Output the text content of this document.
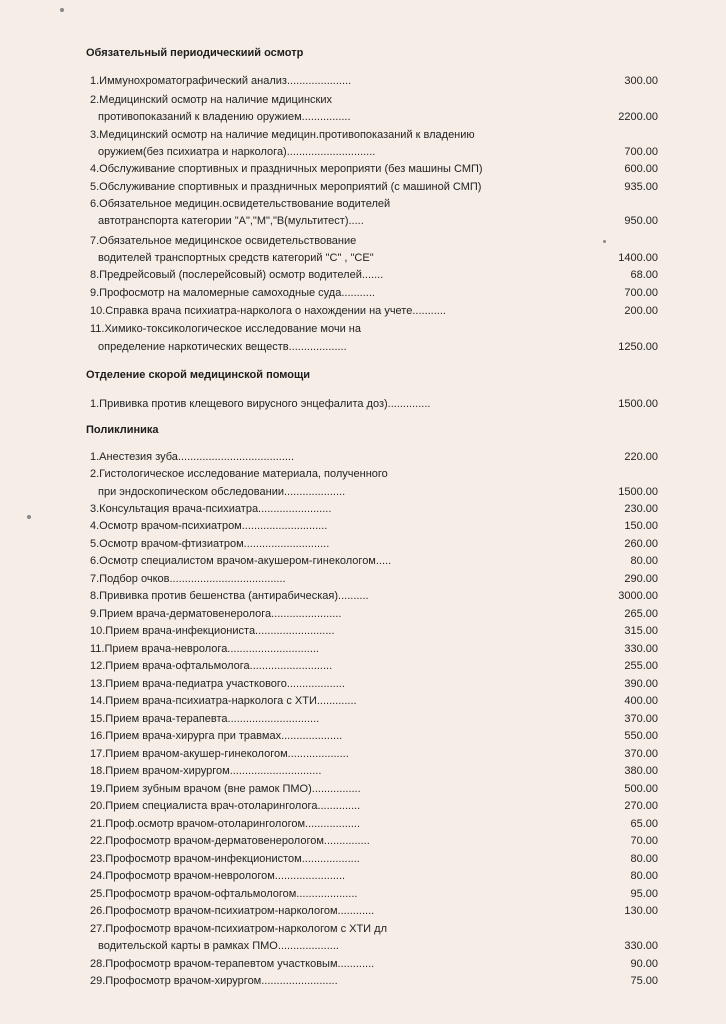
Обязательный периодическиий осмотр
1.Иммунохроматографический анализ.....................	300.00
2.Медицинский осмотр на наличие мдицинских
противопоказаний к владению оружием................	2200.00
3.Медицинский осмотр на наличие медицин.противопоказаний к владению
оружием(без психиатра и нарколога).............................	700.00
4.Обслуживание спортивных и праздничных мероприяти (без машины СМП)	600.00
5.Обслуживание спортивных и праздничных мероприятий (с машиной СМП)	935.00
6.Обязательное медицин.освидетельствование водителей
автотранспорта категории "А","М","В(мультитест).....	950.00
7.Обязательное медицинское освидетельствование
водителей транспортных средств категорий "С" , "СЕ"	1400.00
8.Предрейсовый (послерейсовый) осмотр водителей.......	68.00
9.Профосмотр на маломерные самоходные суда...........	700.00
10.Справка врача психиатра-нарколога о нахождении на учете...........	200.00
11.Химико-токсикологическое исследование мочи на
определение наркотических веществ...................	1250.00
Отделение скорой медицинской помощи
1.Прививка против клещевого вирусного энцефалита доз)..............	1500.00
Поликлиника
1.Анестезия зуба......................................	220.00
2.Гистологическое исследование материала, полученного
при эндоскопическом обследовании....................	1500.00
3.Консультация врача-психиатра........................	230.00
4.Осмотр врачом-психиатром............................	150.00
5.Осмотр врачом-фтизиатром............................	260.00
6.Осмотр специалистом врачом-акушером-гинекологом.....	80.00
7.Подбор очков......................................	290.00
8.Прививка против бешенства (антирабическая)..........	3000.00
9.Прием врача-дерматовенеролога.......................	265.00
10.Прием врача-инфекциониста..........................	315.00
11.Прием врача-невролога..............................	330.00
12.Прием врача-офтальмолога...........................	255.00
13.Прием врача-педиатра участкового...................	390.00
14.Прием врача-психиатра-нарколога с ХТИ.............	400.00
15.Прием врача-терапевта..............................	370.00
16.Прием врача-хирурга при травмах....................	550.00
17.Прием врачом-акушер-гинекологом....................	370.00
18.Прием врачом-хирургом..............................	380.00
19.Прием зубным врачом (вне рамок ПМО)................	500.00
20.Прием специалиста врач-отоларинголога..............	270.00
21.Проф.осмотр врачом-отоларингологом..................	65.00
22.Профосмотр врачом-дерматовенерологом...............	70.00
23.Профосмотр врачом-инфекционистом...................	80.00
24.Профосмотр врачом-неврологом.......................	80.00
25.Профосмотр врачом-офтальмологом....................	95.00
26.Профосмотр врачом-психиатром-наркологом............	130.00
27.Профосмотр врачом-психиатром-наркологом с ХТИ дл
водительской карты в рамках ПМО....................	330.00
28.Профосмотр врачом-терапевтом участковым............	90.00
29.Профосмотр врачом-хирургом.........................	75.00
